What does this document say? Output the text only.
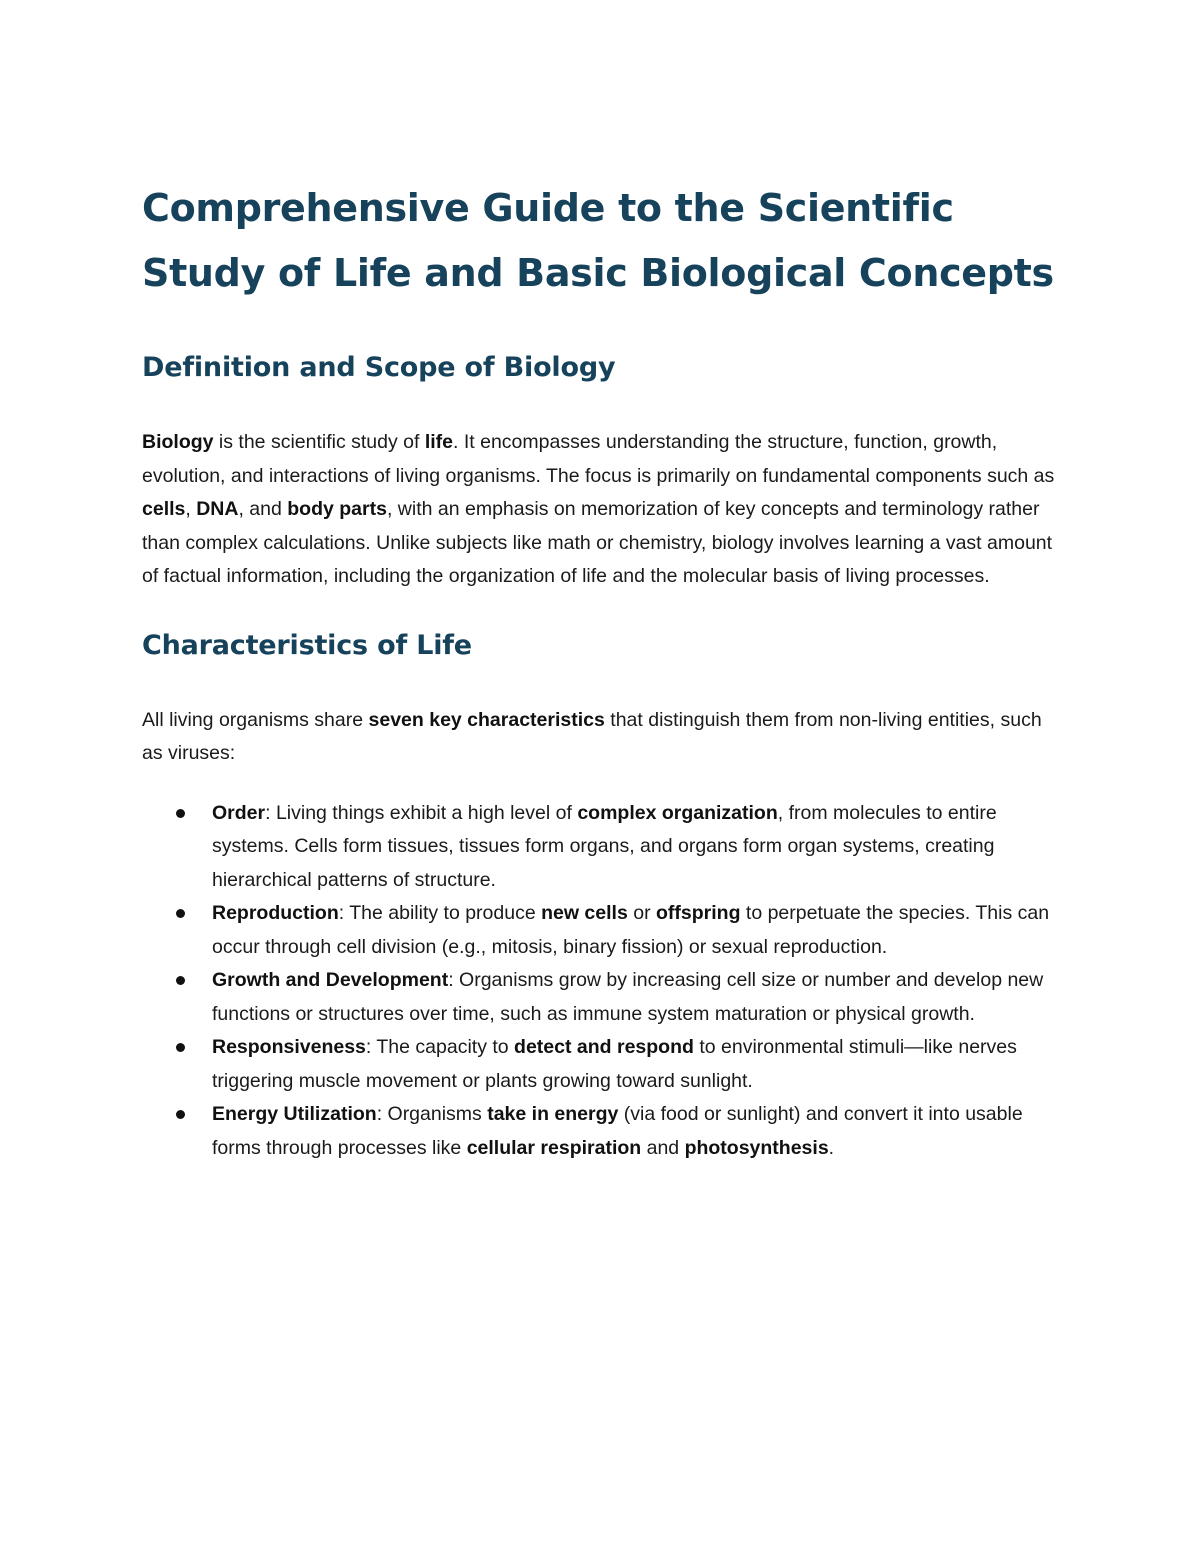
Comprehensive Guide to the Scientific Study of Life and Basic Biological Concepts
Definition and Scope of Biology

Biology is the scientific study of life. It encompasses understanding the structure, function, growth, evolution, and interactions of living organisms. The focus is primarily on fundamental components such as cells, DNA, and body parts, with an emphasis on memorization of key concepts and terminology rather than complex calculations. Unlike subjects like math or chemistry, biology involves learning a vast amount of factual information, including the organization of life and the molecular basis of living processes.

Characteristics of Life

All living organisms share seven key characteristics that distinguish them from non-living entities, such as viruses:

Order: Living things exhibit a high level of complex organization, from molecules to entire systems. Cells form tissues, tissues form organs, and organs form organ systems, creating hierarchical patterns of structure.
Reproduction: The ability to produce new cells or offspring to perpetuate the species. This can occur through cell division (e.g., mitosis, binary fission) or sexual reproduction.
Growth and Development: Organisms grow by increasing cell size or number and develop new functions or structures over time, such as immune system maturation or physical growth.
Responsiveness: The capacity to detect and respond to environmental stimuli—like nerves triggering muscle movement or plants growing toward sunlight.
Energy Utilization: Organisms take in energy (via food or sunlight) and convert it into usable forms through processes like cellular respiration and photosynthesis.
